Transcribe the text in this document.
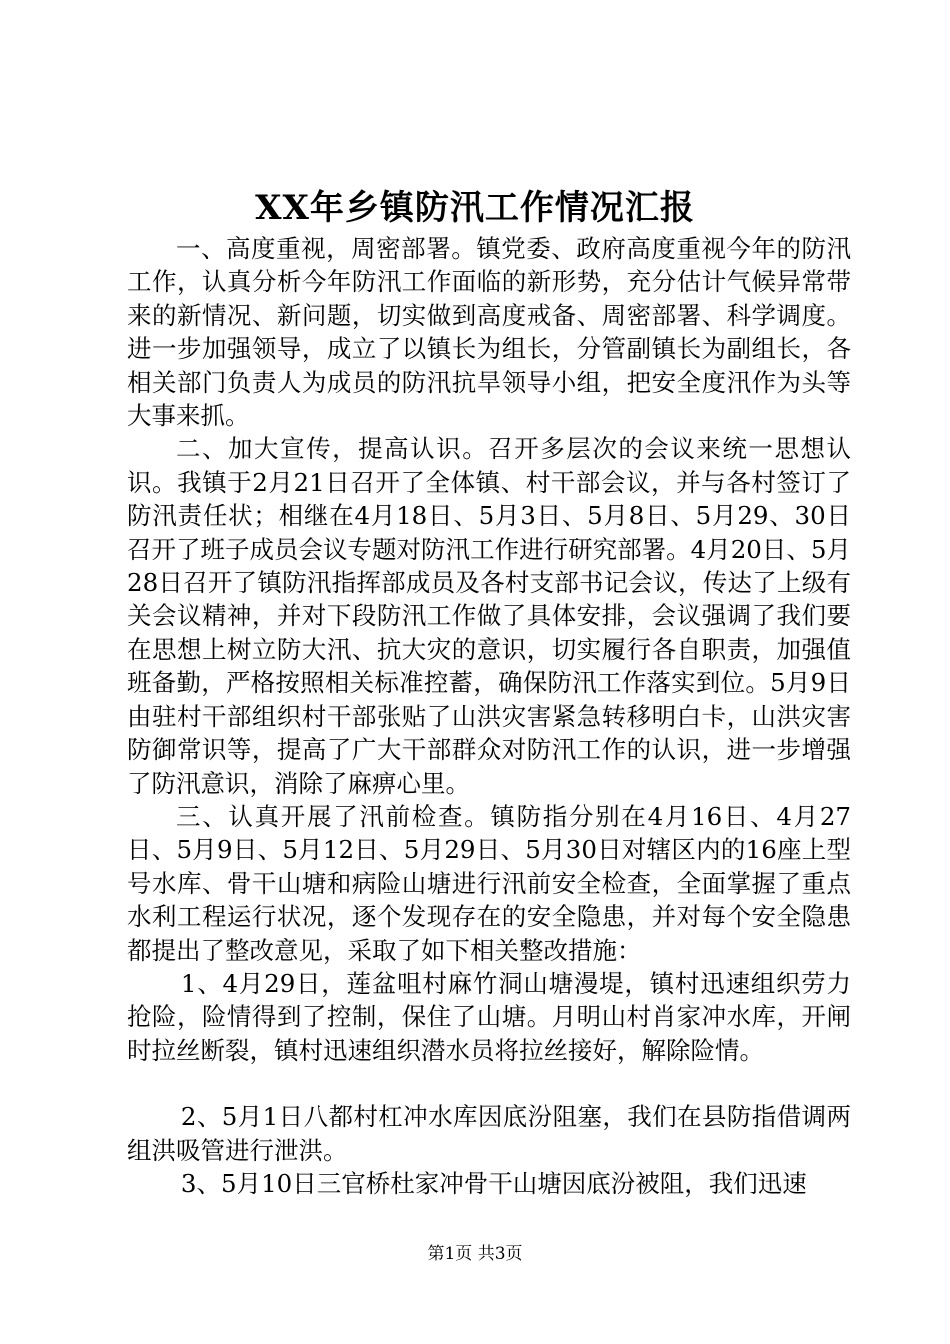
XX年乡镇防汛工作情况汇报

一、高度重视，周密部署。镇党委、政府高度重视今年的防汛工作，认真分析今年防汛工作面临的新形势，充分估计气候异常带来的新情况、新问题，切实做到高度戒备、周密部署、科学调度。进一步加强领导，成立了以镇长为组长，分管副镇长为副组长，各相关部门负责人为成员的防汛抗旱领导小组，把安全度汛作为头等大事来抓。

二、加大宣传，提高认识。召开多层次的会议来统一思想认识。我镇于2月21日召开了全体镇、村干部会议，并与各村签订了防汛责任状；相继在4月18日、5月3日、5月8日、5月29、30日召开了班子成员会议专题对防汛工作进行研究部署。4月20日、5月28日召开了镇防汛指挥部成员及各村支部书记会议，传达了上级有关会议精神，并对下段防汛工作做了具体安排，会议强调了我们要在思想上树立防大汛、抗大灾的意识，切实履行各自职责，加强值班备勤，严格按照相关标准控蓄，确保防汛工作落实到位。5月9日由驻村干部组织村干部张贴了山洪灾害紧急转移明白卡，山洪灾害防御常识等，提高了广大干部群众对防汛工作的认识，进一步增强了防汛意识，消除了麻痹心里。

三、认真开展了汛前检查。镇防指分别在4月16日、4月27日、5月9日、5月12日、5月29日、5月30日对辖区内的16座上型号水库、骨干山塘和病险山塘进行汛前安全检查，全面掌握了重点水利工程运行状况，逐个发现存在的安全隐患，并对每个安全隐患都提出了整改意见，采取了如下相关整改措施：

1、4月29日，莲盆咀村麻竹洞山塘漫堤，镇村迅速组织劳力抢险，险情得到了控制，保住了山塘。月明山村肖家冲水库，开闸时拉丝断裂，镇村迅速组织潜水员将拉丝接好，解除险情。

2、5月1日八都村杠冲水库因底汾阻塞，我们在县防指借调两组洪吸管进行泄洪。

3、5月10日三官桥杜家冲骨干山塘因底汾被阻，我们迅速

第1页 共3页
